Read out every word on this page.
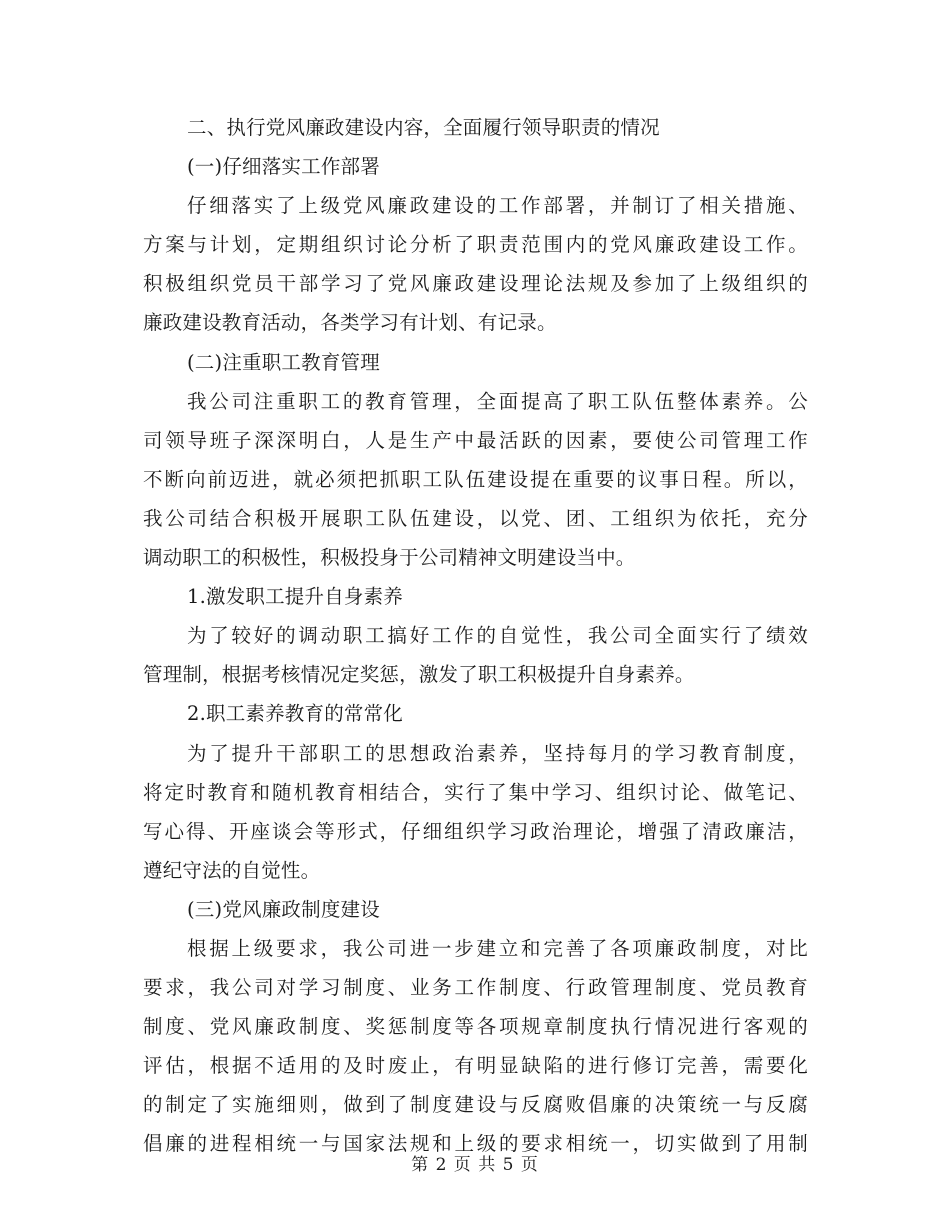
二、执行党风廉政建设内容，全面履行领导职责的情况
(一)仔细落实工作部署
仔细落实了上级党风廉政建设的工作部署，并制订了相关措施、
方案与计划，定期组织讨论分析了职责范围内的党风廉政建设工作。
积极组织党员干部学习了党风廉政建设理论法规及参加了上级组织的
廉政建设教育活动，各类学习有计划、有记录。
(二)注重职工教育管理
我公司注重职工的教育管理，全面提高了职工队伍整体素养。公
司领导班子深深明白，人是生产中最活跃的因素，要使公司管理工作
不断向前迈进，就必须把抓职工队伍建设提在重要的议事日程。所以，
我公司结合积极开展职工队伍建设，以党、团、工组织为依托，充分
调动职工的积极性，积极投身于公司精神文明建设当中。
1.激发职工提升自身素养
为了较好的调动职工搞好工作的自觉性，我公司全面实行了绩效
管理制，根据考核情况定奖惩，激发了职工积极提升自身素养。
2.职工素养教育的常常化
为了提升干部职工的思想政治素养，坚持每月的学习教育制度，
将定时教育和随机教育相结合，实行了集中学习、组织讨论、做笔记、
写心得、开座谈会等形式，仔细组织学习政治理论，增强了清政廉洁，
遵纪守法的自觉性。
(三)党风廉政制度建设
根据上级要求，我公司进一步建立和完善了各项廉政制度，对比
要求，我公司对学习制度、业务工作制度、行政管理制度、党员教育
制度、党风廉政制度、奖惩制度等各项规章制度执行情况进行客观的
评估，根据不适用的及时废止，有明显缺陷的进行修订完善，需要化
的制定了实施细则，做到了制度建设与反腐败倡廉的决策统一与反腐
倡廉的进程相统一与国家法规和上级的要求相统一，切实做到了用制
第 2 页 共 5 页
